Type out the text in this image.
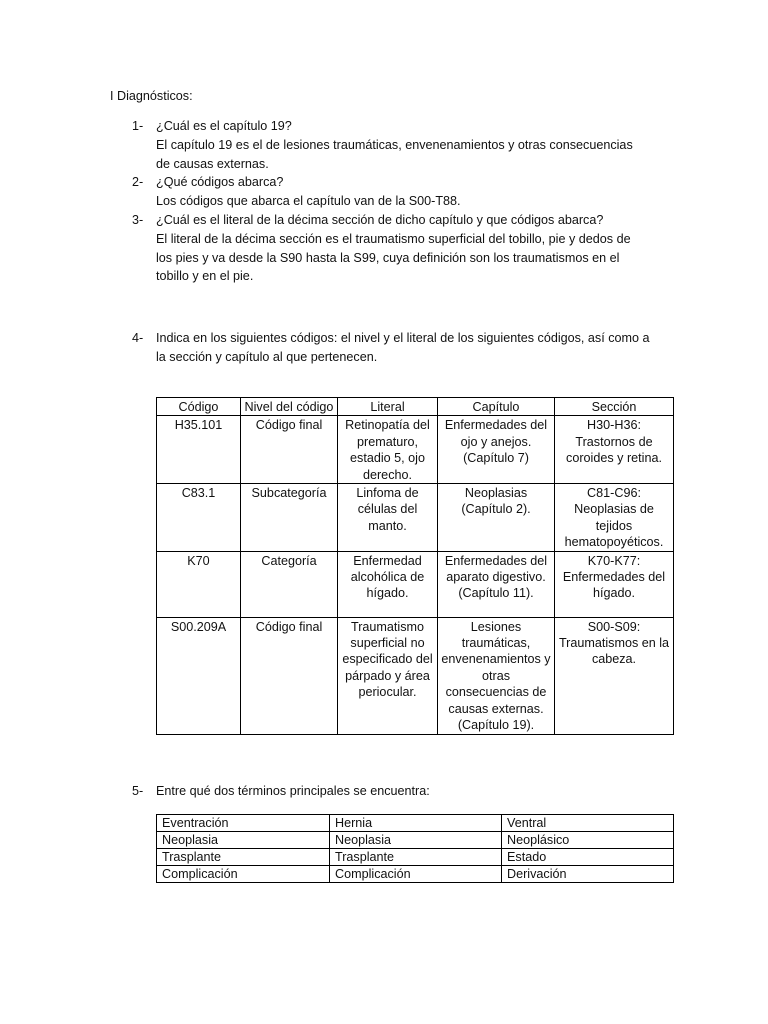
I Diagnósticos:
1- ¿Cuál es el capítulo 19?

El capítulo 19 es el de lesiones traumáticas, envenenamientos y otras consecuencias

de causas externas.

2- ¿Qué códigos abarca?

Los códigos que abarca el capítulo van de la S00-T88.

3- ¿Cuál es el literal de la décima sección de dicho capítulo y que códigos abarca?

El literal de la décima sección es el traumatismo superficial del tobillo, pie y dedos de

los pies y va desde la S90 hasta la S99, cuya definición son los traumatismos en el

tobillo y en el pie.

4- Indica en los siguientes códigos: el nivel y el literal de los siguientes códigos, así como a

la sección y capítulo al que pertenecen.

Código	Nivel del código	Literal	Capítulo	Sección
H35.101	Código final	Retinopatía del prematuro, estadio 5, ojo derecho.	Enfermedades del ojo y anejos. (Capítulo 7)	H30-H36: Trastornos de coroides y retina.
C83.1	Subcategoría	Linfoma de células del manto.	Neoplasias (Capítulo 2).	C81-C96: Neoplasias de tejidos hematopoyéticos.
K70	Categoría	Enfermedad alcohólica de hígado.	Enfermedades del aparato digestivo. (Capítulo 11).	K70-K77: Enfermedades del hígado.
S00.209A	Código final	Traumatismo superficial no especificado del párpado y área periocular.	Lesiones traumáticas, envenenamientos y otras consecuencias de causas externas. (Capítulo 19).	S00-S09: Traumatismos en la cabeza.
5- Entre qué dos términos principales se encuentra:

Eventración	Hernia	Ventral
Neoplasia	Neoplasia	Neoplásico
Trasplante	Trasplante	Estado
Complicación	Complicación	Derivación
